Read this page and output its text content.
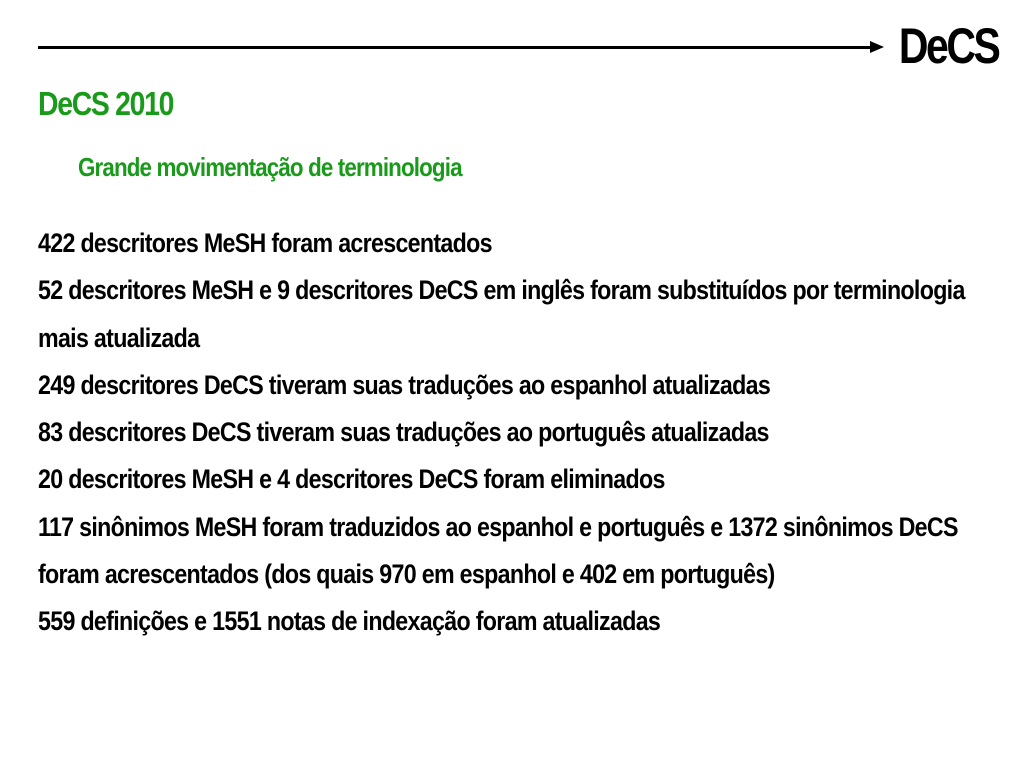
DeCS
DeCS 2010
Grande movimentação de terminologia
422 descritores MeSH foram acrescentados
52 descritores MeSH e 9 descritores DeCS em inglês foram substituídos por terminologia mais atualizada
249 descritores DeCS tiveram suas traduções ao espanhol atualizadas
83 descritores DeCS tiveram suas traduções ao português atualizadas
20 descritores MeSH e 4 descritores DeCS foram eliminados
117 sinônimos MeSH foram traduzidos ao espanhol e português e 1372 sinônimos DeCS foram acrescentados (dos quais 970 em espanhol e 402 em português)
559 definições e 1551 notas de indexação foram atualizadas
